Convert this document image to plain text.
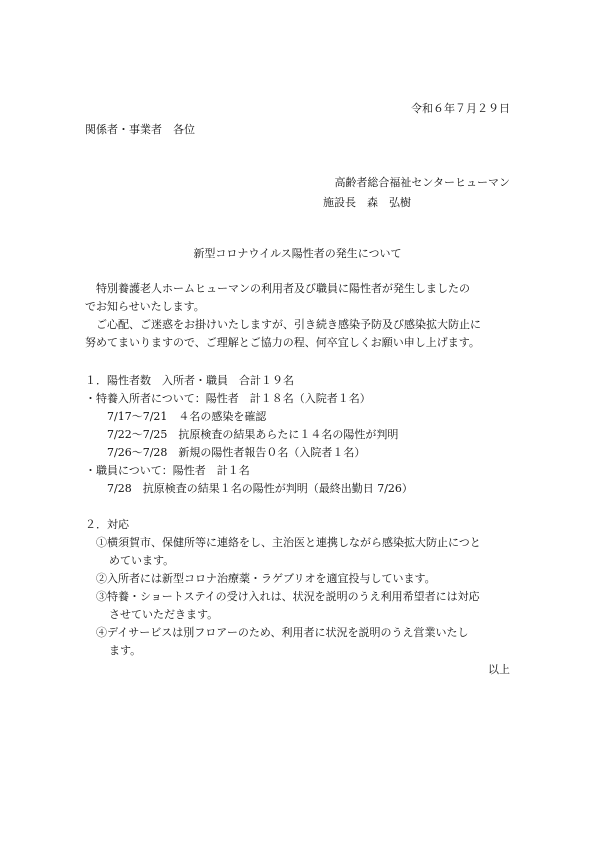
令和６年７月２９日
関係者・事業者　各位
高齢者総合福祉センターヒューマン
施設長　森　弘樹
新型コロナウイルス陽性者の発生について
特別養護老人ホームヒューマンの利用者及び職員に陽性者が発生しましたの
でお知らせいたします。
ご心配、ご迷惑をお掛けいたしますが、引き続き感染予防及び感染拡大防止に
努めてまいりますので、ご理解とご協力の程、何卒宜しくお願い申し上げます。
１．陽性者数　入所者・職員　合計１９名
・特養入所者について：陽性者　計１８名（入院者１名）
7/17～7/21　４名の感染を確認
7/22～7/25　抗原検査の結果あらたに１４名の陽性が判明
7/26～7/28　新規の陽性者報告０名（入院者１名）
・職員について：陽性者　計１名
7/28　抗原検査の結果１名の陽性が判明（最終出勤日 7/26）
２．対応
①横須賀市、保健所等に連絡をし、主治医と連携しながら感染拡大防止につと
めています。
②入所者には新型コロナ治療薬・ラゲブリオを適宜投与しています。
③特養・ショートステイの受け入れは、状況を説明のうえ利用希望者には対応
させていただきます。
④デイサービスは別フロアーのため、利用者に状況を説明のうえ営業いたし
ます。
以上
